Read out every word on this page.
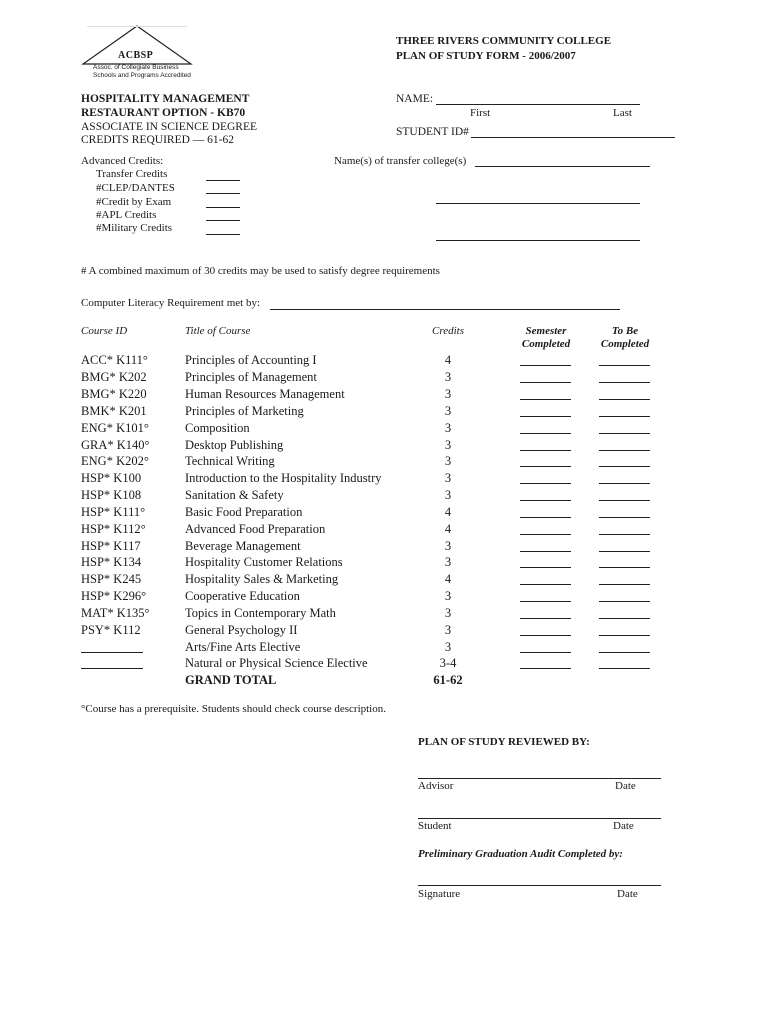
ACBSP
Assoc. of Collegiate Business
Schools and Programs Accredited
THREE RIVERS COMMUNITY COLLEGE
PLAN OF STUDY FORM - 2006/2007
HOSPITALITY MANAGEMENT
RESTAURANT OPTION - KB70
ASSOCIATE IN SCIENCE DEGREE
CREDITS REQUIRED — 61-62
NAME:
First	Last
STUDENT ID#
Advanced Credits:
Transfer Credits
#CLEP/DANTES
#Credit by Exam
#APL Credits
#Military Credits
Name(s) of transfer college(s)
# A combined maximum of 30 credits may be used to satisfy degree requirements
Computer Literacy Requirement met by:
Course ID	Title of Course	Credits	Semester
Completed
To Be
Completed
ACC* K111°	Principles of Accounting I	4
BMG* K202	Principles of Management	3
BMG* K220	Human Resources Management	3
BMK* K201	Principles of Marketing	3
ENG* K101°	Composition	3
GRA* K140°	Desktop Publishing	3
ENG* K202°	Technical Writing	3
HSP* K100	Introduction to the Hospitality Industry	3
HSP* K108	Sanitation & Safety	3
HSP* K111°	Basic Food Preparation	4
HSP* K112°	Advanced Food Preparation	4
HSP* K117	Beverage Management	3
HSP* K134	Hospitality Customer Relations	3
HSP* K245	Hospitality Sales & Marketing	4
HSP* K296°	Cooperative Education	3
MAT* K135°	Topics in Contemporary Math	3
PSY* K112	General Psychology II	3
Arts/Fine Arts Elective	3
Natural or Physical Science Elective	3-4
GRAND TOTAL	61-62
°Course has a prerequisite. Students should check course description.
PLAN OF STUDY REVIEWED BY:
Advisor	Date
Student	Date
Preliminary Graduation Audit Completed by:
Signature	Date
